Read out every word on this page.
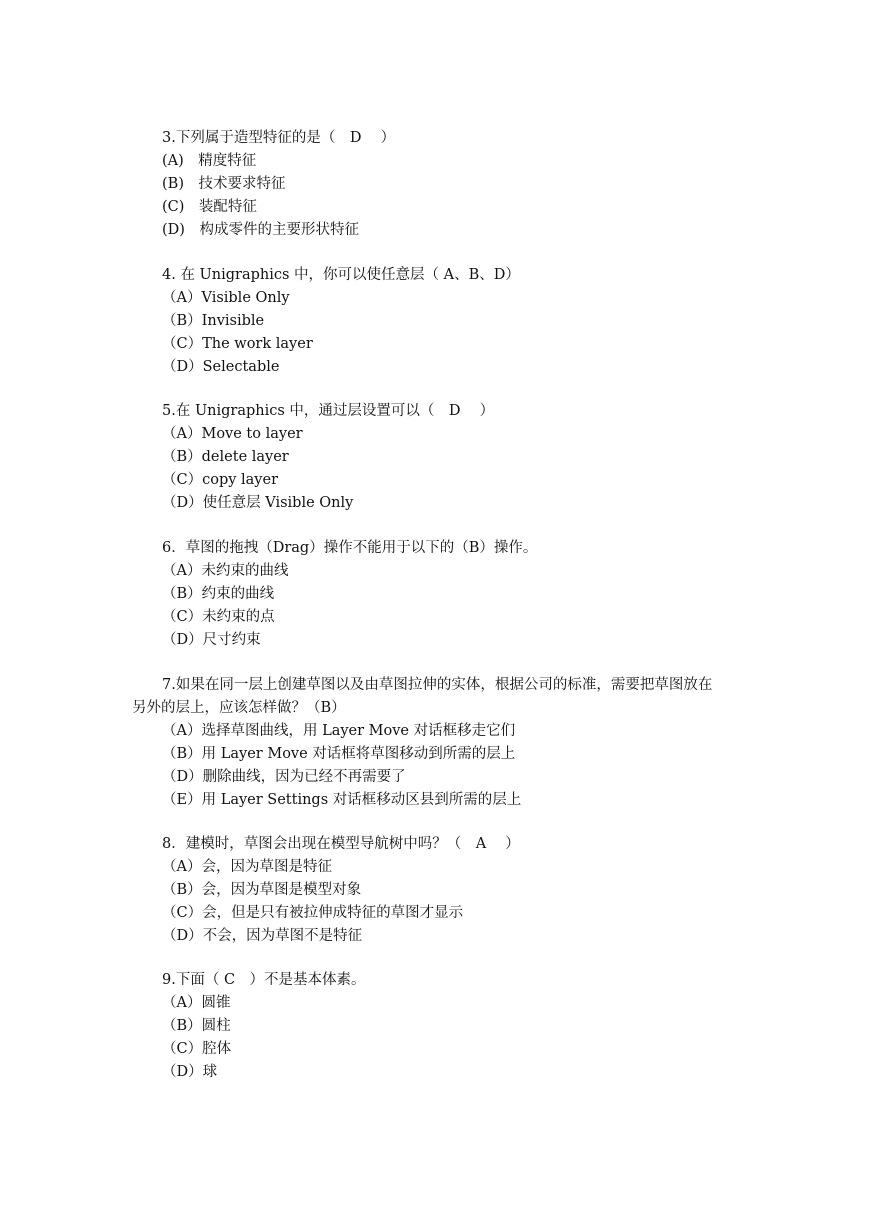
3.下列属于造型特征的是（　D　 ）
(A)　精度特征
(B)　技术要求特征
(C)　装配特征
(D)　构成零件的主要形状特征
4. 在 Unigraphics 中，你可以使任意层（ A、B、D）
（A）Visible Only
（B）Invisible
（C）The work layer
（D）Selectable
5.在 Unigraphics 中，通过层设置可以（　D　 ）
（A）Move to layer
（B）delete layer
（C）copy layer
（D）使任意层 Visible Only
6．草图的拖拽（Drag）操作不能用于以下的（B）操作。
（A）未约束的曲线
（B）约束的曲线
（C）未约束的点
（D）尺寸约束
7.如果在同一层上创建草图以及由草图拉伸的实体，根据公司的标准，需要把草图放在
另外的层上，应该怎样做？（B）
（A）选择草图曲线，用 Layer Move 对话框移走它们
（B）用 Layer Move 对话框将草图移动到所需的层上
（D）删除曲线，因为已经不再需要了
（E）用 Layer Settings 对话框移动区县到所需的层上
8．建模时，草图会出现在模型导航树中吗？（　A　 ）
（A）会，因为草图是特征
（B）会，因为草图是模型对象
（C）会，但是只有被拉伸成特征的草图才显示
（D）不会，因为草图不是特征
9.下面（ C　）不是基本体素。
（A）圆锥
（B）圆柱
（C）腔体
（D）球
